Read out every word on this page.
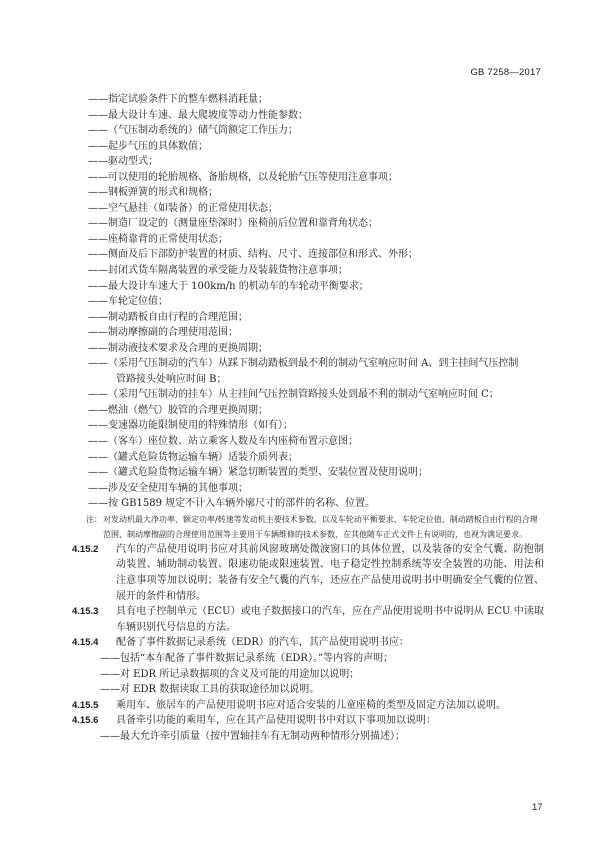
GB 7258—2017
——指定试验条件下的整车燃料消耗量；
——最大设计车速、最大爬坡度等动力性能参数；
——（气压制动系统的）储气筒额定工作压力；
——起步气压的具体数值；
——驱动型式；
——可以使用的轮胎规格、备胎规格，以及轮胎气压等使用注意事项；
——钢板弹簧的形式和规格；
——空气悬挂（如装备）的正常使用状态；
——制造厂设定的（测量座垫深时）座椅前后位置和靠背角状态；
——座椅靠背的正常使用状态；
——侧面及后下部防护装置的材质、结构、尺寸、连接部位和形式、外形；
——封闭式货车隔离装置的承受能力及装载货物注意事项；
——最大设计车速大于 100km/h 的机动车的车轮动平衡要求；
——车轮定位值；
——制动踏板自由行程的合理范围；
——制动摩擦副的合理使用范围；
——制动液技术要求及合理的更换周期；
——（采用气压制动的汽车）从踩下制动踏板到最不利的制动气室响应时间 A、到主挂间气压控制
管路接头处响应时间 B；
——（采用气压制动的挂车）从主挂间气压控制管路接头处到最不利的制动气室响应时间 C；
——燃油（燃气）胶管的合理更换周期；
——变速器功能限制使用的特殊情形（如有）；
——（客车）座位数、站立乘客人数及车内座椅布置示意图；
——（罐式危险货物运输车辆）适装介质列表；
——（罐式危险货物运输车辆）紧急切断装置的类型、安装位置及使用说明；
——涉及安全使用车辆的其他事项；
——按 GB1589 规定不计入车辆外廓尺寸的部件的名称、位置。
注： 对发动机最大净功率、额定功率/转速等发动机主要技术参数，以及车轮动平衡要求、车轮定位值、制动踏板自由行程的合理范围、制动摩擦副的合理使用范围等主要用于车辆维修的技术参数，在其他随车正式文件上有说明的，也视为满足要求。
4.15.2	汽车的产品使用说明书应对其前风窗玻璃处微波窗口的具体位置，以及装备的安全气囊、防抱制动装置、辅助制动装置、限速功能或限速装置、电子稳定性控制系统等安全装置的功能、用法和注意事项等加以说明；装备有安全气囊的汽车，还应在产品使用说明书中明确安全气囊的位置、展开的条件和情形。
4.15.3	具有电子控制单元（ECU）或电子数据接口的汽车，应在产品使用说明书中说明从 ECU 中读取车辆识别代号信息的方法。
4.15.4	配备了事件数据记录系统（EDR）的汽车，其产品使用说明书应：
——包括“本车配备了事件数据记录系统（EDR）。”等内容的声明；
——对 EDR 所记录数据项的含义及可能的用途加以说明；
——对 EDR 数据读取工具的获取途径加以说明。
4.15.5	乘用车、旅居车的产品使用说明书应对适合安装的儿童座椅的类型及固定方法加以说明。
4.15.6	具备牵引功能的乘用车，应在其产品使用说明书中对以下事项加以说明：
——最大允许牵引质量（按中置轴挂车有无制动两种情形分别描述）；
17
